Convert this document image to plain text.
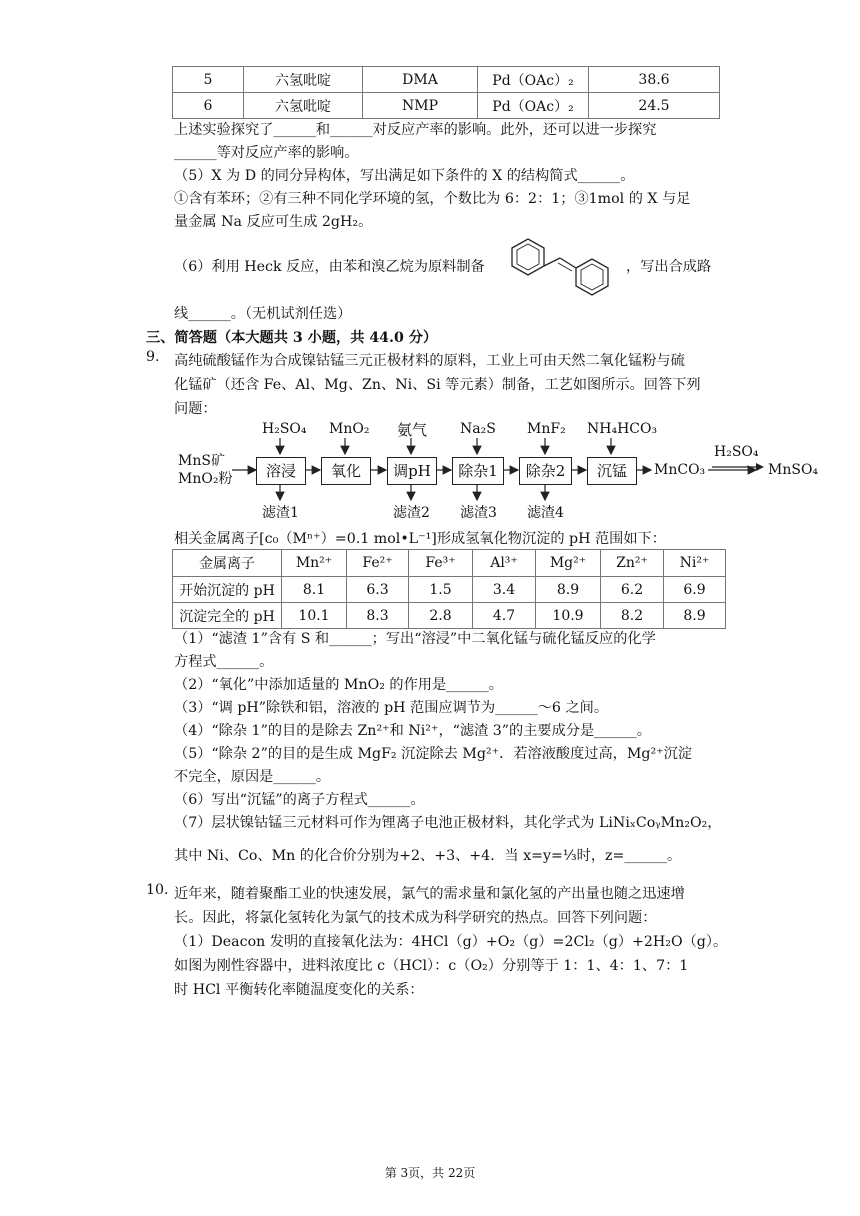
5	六氢吡啶	DMA	Pd（OAc）₂	38.6
6	六氢吡啶	NMP	Pd（OAc）₂	24.5

上述实验探究了______和______对反应产率的影响。此外，还可以进一步探究

______等对反应产率的影响。

（5）X 为 D 的同分异构体，写出满足如下条件的 X 的结构简式______。

①含有苯环；②有三种不同化学环境的氢，个数比为 6：2：1；③1mol 的 X 与足

量金属 Na 反应可生成 2gH₂。

（6）利用 Heck 反应，由苯和溴乙烷为原料制备	，写出合成路
线______。（无机试剂任选）
三、简答题（本大题共 3 小题，共 44.0 分）
9. 高纯硫酸锰作为合成镍钴锰三元正极材料的原料，工业上可由天然二氧化锰粉与硫

化锰矿（还含 Fe、Al、Mg、Zn、Ni、Si 等元素）制备，工艺如图所示。回答下列

问题：

MnS矿
MnO₂粉	溶浸	氧化	调pH	除杂1	除杂2	沉锰
H₂SO₄ MnO₂ 氨气 Na₂S MnF₂ NH₄HCO₃
滤渣1	滤渣2 滤渣3 滤渣4
MnCO₃
H₂SO₄
MnSO₄
相关金属离子[c₀（Mⁿ⁺）=0.1 mol•L⁻¹]形成氢氧化物沉淀的 pH 范围如下：
金属离子	Mn²⁺	Fe²⁺	Fe³⁺	Al³⁺	Mg²⁺	Zn²⁺	Ni²⁺
开始沉淀的 pH	8.1	6.3	1.5	3.4	8.9	6.2	6.9
沉淀完全的 pH	10.1	8.3	2.8	4.7	10.9	8.2	8.9

（1）“滤渣 1”含有 S 和______；写出“溶浸”中二氧化锰与硫化锰反应的化学

方程式______。

（2）“氧化”中添加适量的 MnO₂ 的作用是______。

（3）“调 pH”除铁和铝，溶液的 pH 范围应调节为______～6 之间。

（4）“除杂 1”的目的是除去 Zn²⁺和 Ni²⁺，“滤渣 3”的主要成分是______。

（5）“除杂 2”的目的是生成 MgF₂ 沉淀除去 Mg²⁺．若溶液酸度过高，Mg²⁺沉淀

不完全，原因是______。

（6）写出“沉锰”的离子方程式______。

（7）层状镍钴锰三元材料可作为锂离子电池正极材料，其化学式为 LiNiₓCoᵧMn₂O₂，

其中 Ni、Co、Mn 的化合价分别为+2、+3、+4．当 x=y=⅓时，z=______。
10. 近年来，随着聚酯工业的快速发展，氯气的需求量和氯化氢的产出量也随之迅速增

长。因此，将氯化氢转化为氯气的技术成为科学研究的热点。回答下列问题：

（1）Deacon 发明的直接氧化法为：4HCl（g）+O₂（g）=2Cl₂（g）+2H₂O（g）。

如图为刚性容器中，进料浓度比 c（HCl）：c（O₂）分别等于 1：1、4：1、7：1

时 HCl 平衡转化率随温度变化的关系：

第 3页，共 22页
